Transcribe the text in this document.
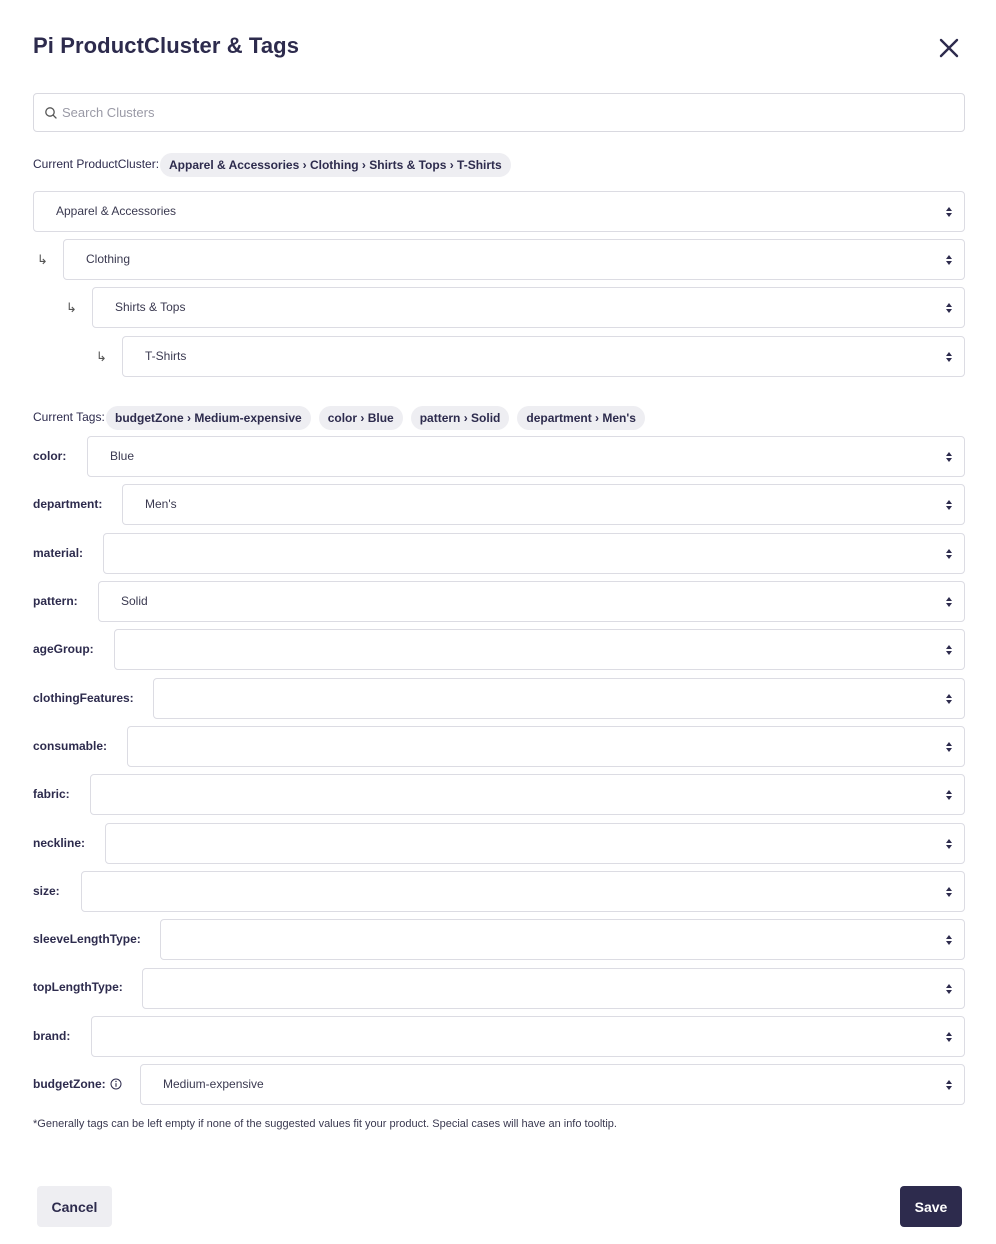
Pi ProductCluster & Tags
Search Clusters
Current ProductCluster: Apparel & Accessories › Clothing › Shirts & Tops › T-Shirts
Apparel & Accessories
↳	Clothing
↳	Shirts & Tops
↳	T-Shirts
Current Tags: budgetZone › Medium-expensive	color › Blue	pattern › Solid	department › Men's
color:	Blue
department:	Men's
material:
pattern:	Solid
ageGroup:
clothingFeatures:
consumable:
fabric:
neckline:
size:
sleeveLengthType:
topLengthType:
brand:
budgetZone:	Medium-expensive
*Generally tags can be left empty if none of the suggested values fit your product. Special cases will have an info tooltip.
Cancel	Save
